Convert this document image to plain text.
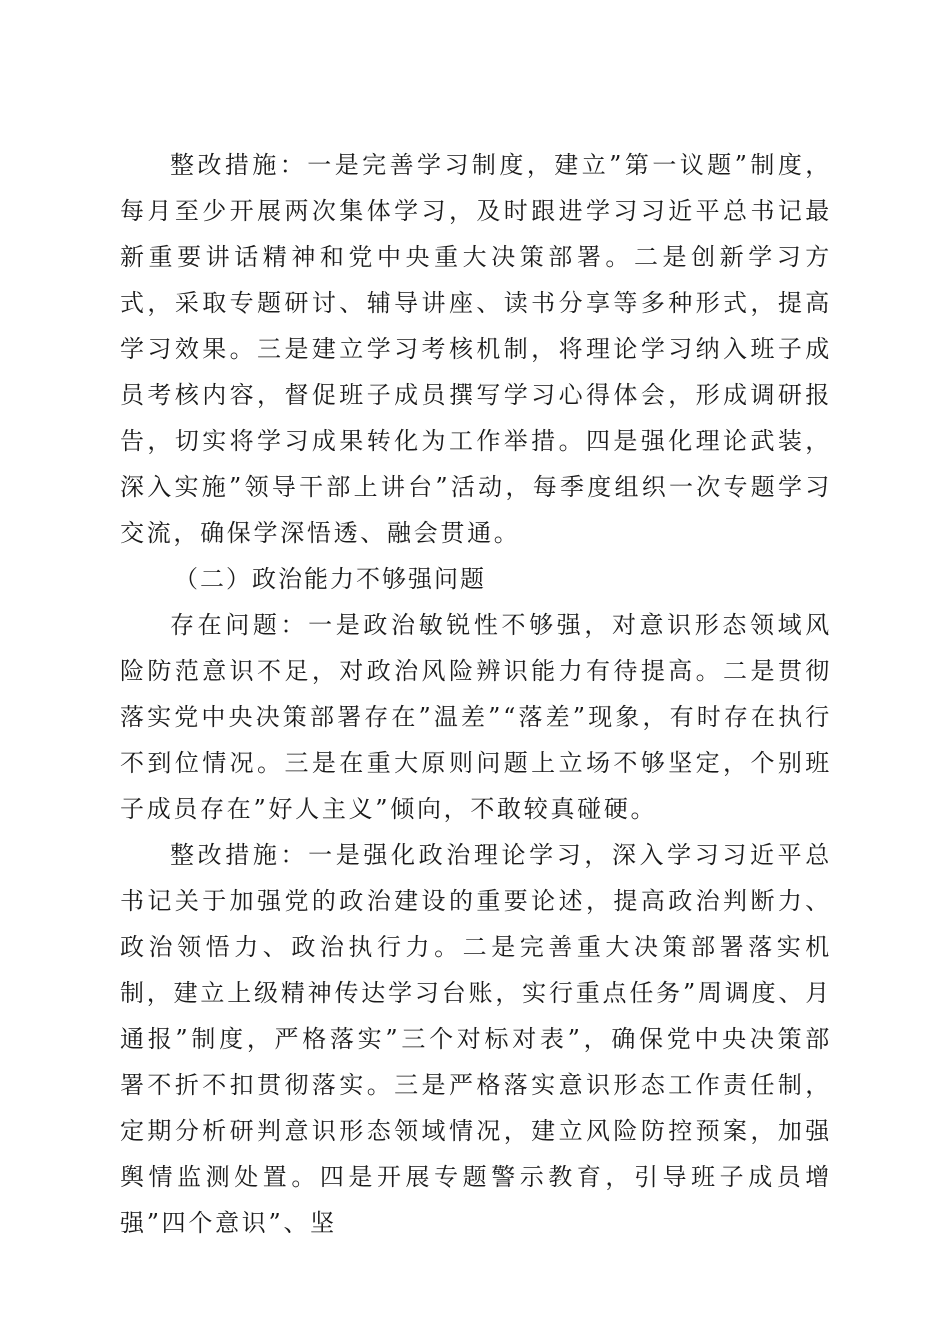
整改措施：一是完善学习制度，建立”第一议题”制度，每月至少开展两次集体学习，及时跟进学习习近平总书记最新重要讲话精神和党中央重大决策部署。二是创新学习方式，采取专题研讨、辅导讲座、读书分享等多种形式，提高学习效果。三是建立学习考核机制，将理论学习纳入班子成员考核内容，督促班子成员撰写学习心得体会，形成调研报告，切实将学习成果转化为工作举措。四是强化理论武装，深入实施”领导干部上讲台”活动，每季度组织一次专题学习交流，确保学深悟透、融会贯通。

（二）政治能力不够强问题

存在问题：一是政治敏锐性不够强，对意识形态领域风险防范意识不足，对政治风险辨识能力有待提高。二是贯彻落实党中央决策部署存在”温差”“落差”现象，有时存在执行不到位情况。三是在重大原则问题上立场不够坚定，个别班子成员存在”好人主义”倾向，不敢较真碰硬。

整改措施：一是强化政治理论学习，深入学习习近平总书记关于加强党的政治建设的重要论述，提高政治判断力、政治领悟力、政治执行力。二是完善重大决策部署落实机制，建立上级精神传达学习台账，实行重点任务”周调度、月通报”制度，严格落实”三个对标对表”，确保党中央决策部署不折不扣贯彻落实。三是严格落实意识形态工作责任制，定期分析研判意识形态领域情况，建立风险防控预案，加强舆情监测处置。四是开展专题警示教育，引导班子成员增强”四个意识”、坚
